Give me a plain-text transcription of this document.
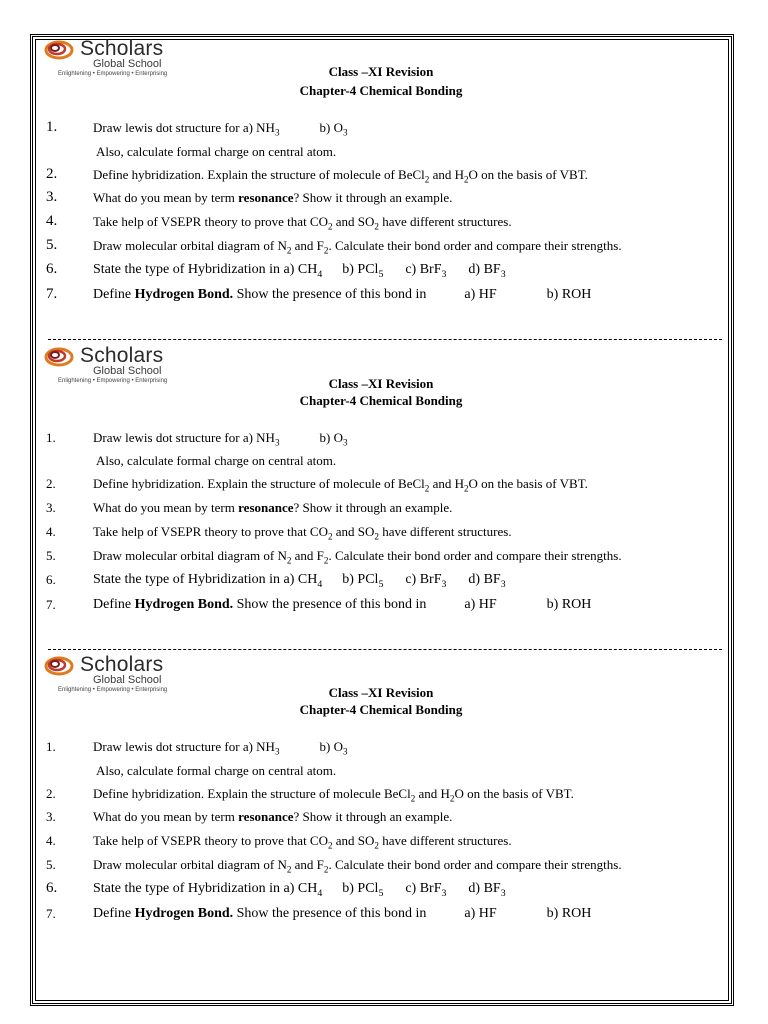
Scholars
Global School
Enlightening • Empowering • Enterprising	Class –XI Revision
Chapter-4 Chemical Bonding
1.	Draw lewis dot structure for a) $NH_3$	b) $O_3$
Also, calculate formal charge on central atom.
2.	Define hybridization. Explain the structure of molecule of BeCl$_2$ and $H_2O$ on the basis of VBT.
3.	What do you mean by term resonance? Show it through an example.
4.	Take help of VSEPR theory to prove that $CO_2$ and $SO_2$ have different structures.
5.	Draw molecular orbital diagram of $N_2$ and $F_2$. Calculate their bond order and compare their strengths.
6.	State the type of Hybridization in a) $CH_4$ b) PCl$_5$ c) BrF$_3$ d) $BF_3$
7.	Define Hydrogen Bond. Show the presence of this bond in	a) HF	b) ROH
Scholars
Global School
Enlightening • Empowering • Enterprising	Class –XI Revision
Chapter-4 Chemical Bonding
1.	Draw lewis dot structure for a) $NH_3$	b) $O_3$
Also, calculate formal charge on central atom.
2.	Define hybridization. Explain the structure of molecule of BeCl$_2$ and $H_2O$ on the basis of VBT.
3.	What do you mean by term resonance? Show it through an example.
4.	Take help of VSEPR theory to prove that $CO_2$ and $SO_2$ have different structures.
5.	Draw molecular orbital diagram of $N_2$ and $F_2$. Calculate their bond order and compare their strengths.
6.	State the type of Hybridization in a) $CH_4$ b) PCl$_5$ c) BrF$_3$ d) $BF_3$
7.	Define Hydrogen Bond. Show the presence of this bond in	a) HF	b) ROH
Scholars
Global School
Enlightening • Empowering • Enterprising	Class –XI Revision
Chapter-4 Chemical Bonding
1.	Draw lewis dot structure for a) $NH_3$	b) $O_3$
Also, calculate formal charge on central atom.
2.	Define hybridization. Explain the structure of molecule BeCl$_2$ and $H_2O$ on the basis of VBT.
3.	What do you mean by term resonance? Show it through an example.
4.	Take help of VSEPR theory to prove that $CO_2$ and $SO_2$ have different structures.
5.	Draw molecular orbital diagram of $N_2$ and $F_2$. Calculate their bond order and compare their strengths.
6.	State the type of Hybridization in a) $CH_4$ b) PCl$_5$ c) BrF$_3$ d) $BF_3$
7.	Define Hydrogen Bond. Show the presence of this bond in	a) HF	b) ROH
